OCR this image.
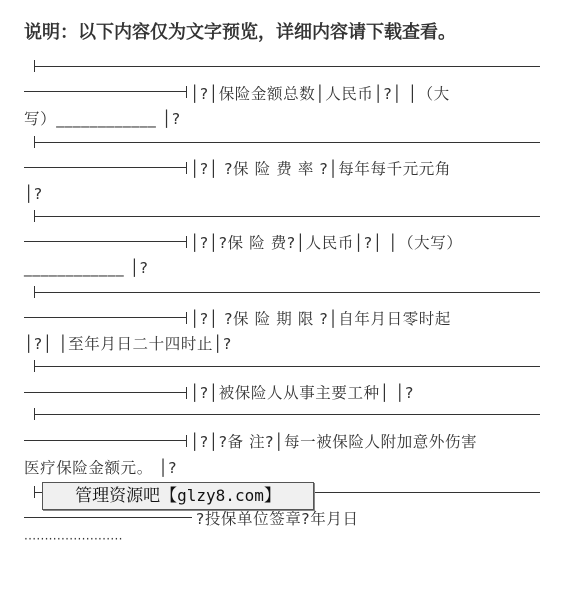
说明：以下内容仅为文字预览，详细内容请下载查看。
│?│保险金额总数│人民币│?│ │（大
写）____________ │?
│?│ ?保 险 费 率 ?│每年每千元元角
│?
│?│?保 险 费?│人民币│?│ │（大写）
____________ │?
│?│ ?保 险 期 限 ?│自年月日零时起
│?│ │至年月日二十四时止│?
│?│被保险人从事主要工种│ │?
│?│?备 注?│每一被保险人附加意外伤害
医疗保险金额元。 │?
?投保单位签章?年月日
························
管理资源吧【glzy8.com】
